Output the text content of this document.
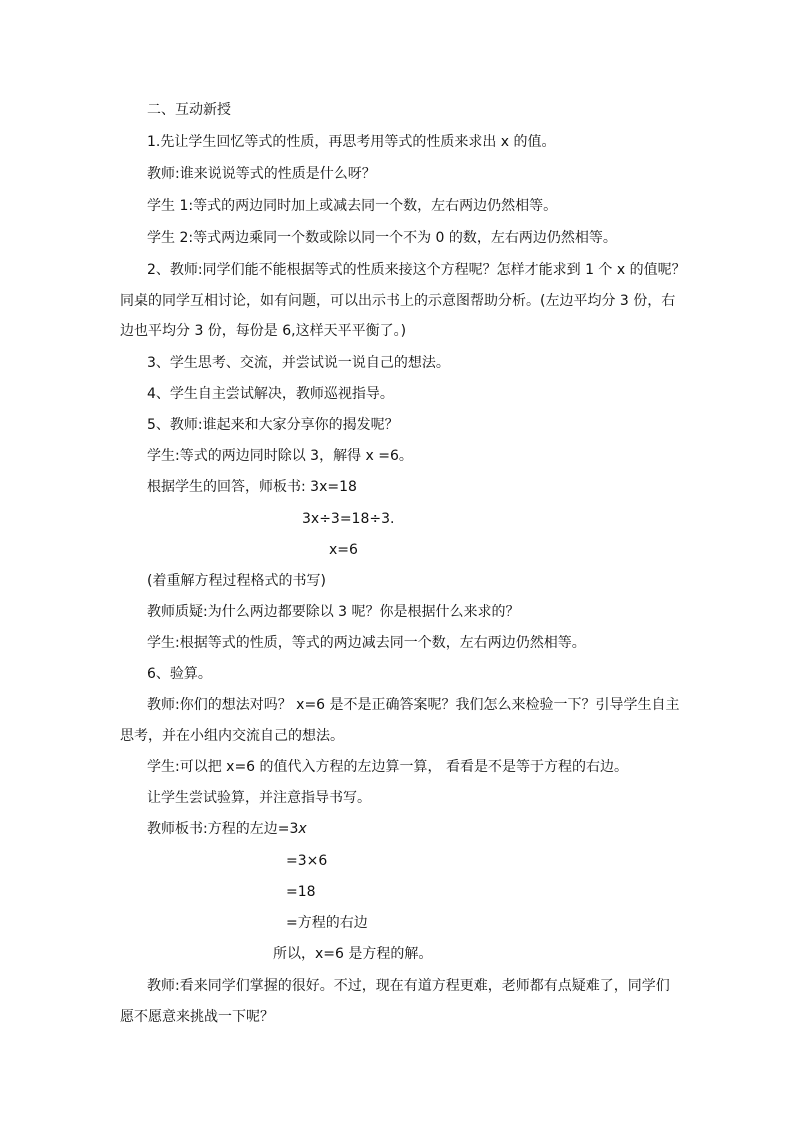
二、互动新授
1.先让学生回忆等式的性质，再思考用等式的性质来求出 x 的值。
教师:谁来说说等式的性质是什么呀？
学生 1:等式的两边同时加上或减去同一个数，左右两边仍然相等。
学生 2:等式两边乘同一个数或除以同一个不为 0 的数，左右两边仍然相等。
2、教师:同学们能不能根据等式的性质来接这个方程呢？怎样才能求到 1 个 x 的值呢？
同桌的同学互相讨论，如有问题，可以出示书上的示意图帮助分析。(左边平均分 3 份，右
边也平均分 3 份，每份是 6,这样天平平衡了。)
3、学生思考、交流，并尝试说一说自己的想法。
4、学生自主尝试解决，教师巡视指导。
5、教师:谁起来和大家分享你的揭发呢？
学生:等式的两边同时除以 3，解得 x =6。
根据学生的回答，师板书: 3x=18
3x÷3=18÷3.
x=6
(着重解方程过程格式的书写)
教师质疑:为什么两边都要除以 3 呢？你是根据什么来求的？
学生:根据等式的性质，等式的两边减去同一个数，左右两边仍然相等。
6、验算。
教师:你们的想法对吗？ x=6 是不是正确答案呢？我们怎么来检验一下？引导学生自主
思考，并在小组内交流自己的想法。
学生:可以把 x=6 的值代入方程的左边算一算， 看看是不是等于方程的右边。
让学生尝试验算，并注意指导书写。
教师板书:方程的左边=3x
=3×6
=18
=方程的右边
所以，x=6 是方程的解。
教师:看来同学们掌握的很好。不过，现在有道方程更难，老师都有点疑难了，同学们
愿不愿意来挑战一下呢？
